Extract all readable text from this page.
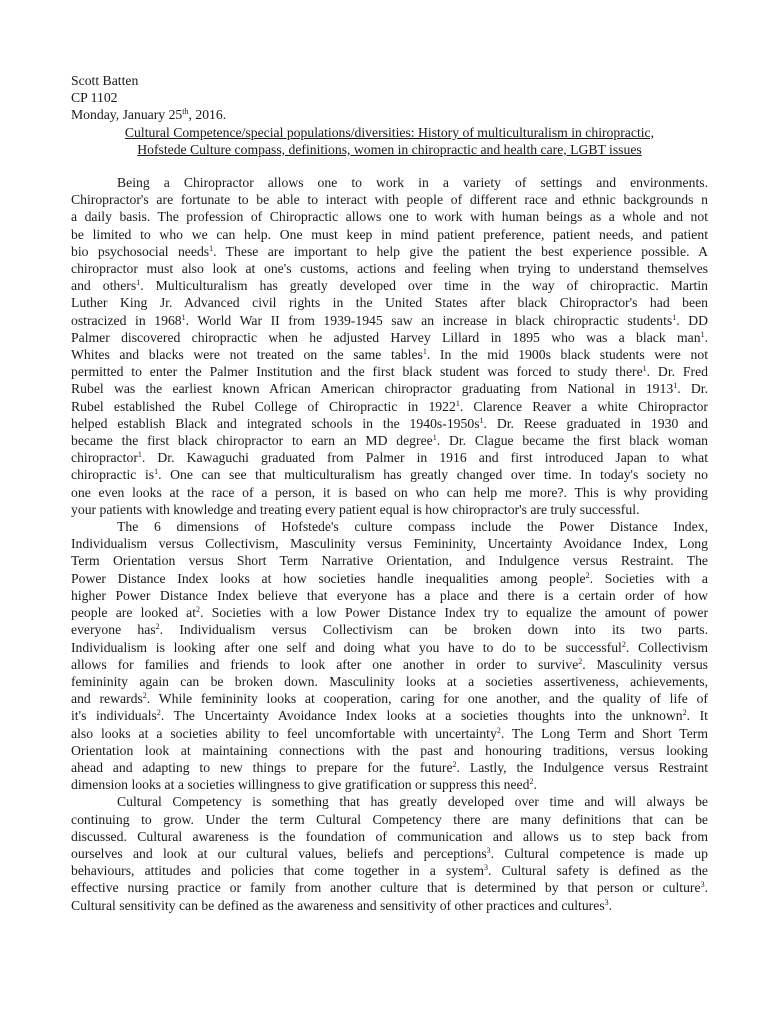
Scott Batten
CP 1102
Monday, January 25th, 2016.
Cultural Competence/special populations/diversities: History of multiculturalism in chiropractic,
Hofstede Culture compass, definitions, women in chiropractic and health care, LGBT issues
Being a Chiropractor allows one to work in a variety of settings and environments.
Chiropractor's are fortunate to be able to interact with people of different race and ethnic backgrounds n
a daily basis. The profession of Chiropractic allows one to work with human beings as a whole and not
be limited to who we can help. One must keep in mind patient preference, patient needs, and patient
bio psychosocial needs$^1$. These are important to help give the patient the best experience possible. A
chiropractor must also look at one's customs, actions and feeling when trying to understand themselves
and others$^1$. Multiculturalism has greatly developed over time in the way of chiropractic. Martin
Luther King Jr. Advanced civil rights in the United States after black Chiropractor's had been
ostracized in 1968$^1$. World War II from 1939-1945 saw an increase in black chiropractic students$^1$. DD
Palmer discovered chiropractic when he adjusted Harvey Lillard in 1895 who was a black man$^1$.
Whites and blacks were not treated on the same tables$^1$. In the mid 1900s black students were not
permitted to enter the Palmer Institution and the first black student was forced to study there$^1$. Dr. Fred
Rubel was the earliest known African American chiropractor graduating from National in 1913$^1$. Dr.
Rubel established the Rubel College of Chiropractic in 1922$^1$. Clarence Reaver a white Chiropractor
helped establish Black and integrated schools in the $1940s-1950s^1$. Dr. Reese graduated in 1930 and
became the first black chiropractor to earn an MD degree$^1$. Dr. Clague became the first black woman
chiropractor$^1$. Dr. Kawaguchi graduated from Palmer in 1916 and first introduced Japan to what
chiropractic $is^1$. One can see that multiculturalism has greatly changed over time. In today's society no
one even looks at the race of a person, it is based on who can help me more?. This is why providing
your patients with knowledge and treating every patient equal is how chiropractor's are truly successful.
The 6 dimensions of Hofstede's culture compass include the Power Distance Index,
Individualism versus Collectivism, Masculinity versus Femininity, Uncertainty Avoidance Index, Long
Term Orientation versus Short Term Narrative Orientation, and Indulgence versus Restraint. The
Power Distance Index looks at how societies handle inequalities among people$^2$. Societies with a
higher Power Distance Index believe that everyone has a place and there is a certain order of how
people are looked $at^2$. Societies with a low Power Distance Index try to equalize the amount of power
everyone has$^2$. Individualism versus Collectivism can be broken down into its two parts.
Individualism is looking after one self and doing what you have to do to be successful$^2$. Collectivism
allows for families and friends to look after one another in order to survive$^2$. Masculinity versus
femininity again can be broken down. Masculinity looks at a societies assertiveness, achievements,
and rewards$^2$. While femininity looks at cooperation, caring for one another, and the quality of life of
it's individuals$^2$. The Uncertainty Avoidance Index looks at a societies thoughts into the unknown$^2$. It
also looks at a societies ability to feel uncomfortable with uncertainty$^2$. The Long Term and Short Term
Orientation look at maintaining connections with the past and honouring traditions, versus looking
ahead and adapting to new things to prepare for the future$^2$. Lastly, the Indulgence versus Restraint
dimension looks at a societies willingness to give gratification or suppress this need$^2$.
Cultural Competency is something that has greatly developed over time and will always be
continuing to grow. Under the term Cultural Competency there are many definitions that can be
discussed. Cultural awareness is the foundation of communication and allows us to step back from
ourselves and look at our cultural values, beliefs and perceptions$^3$. Cultural competence is made up
behaviours, attitudes and policies that come together in a system$^3$. Cultural safety is defined as the
effective nursing practice or family from another culture that is determined by that person or culture$^3$.
Cultural sensitivity can be defined as the awareness and sensitivity of other practices and cultures$^3$.
